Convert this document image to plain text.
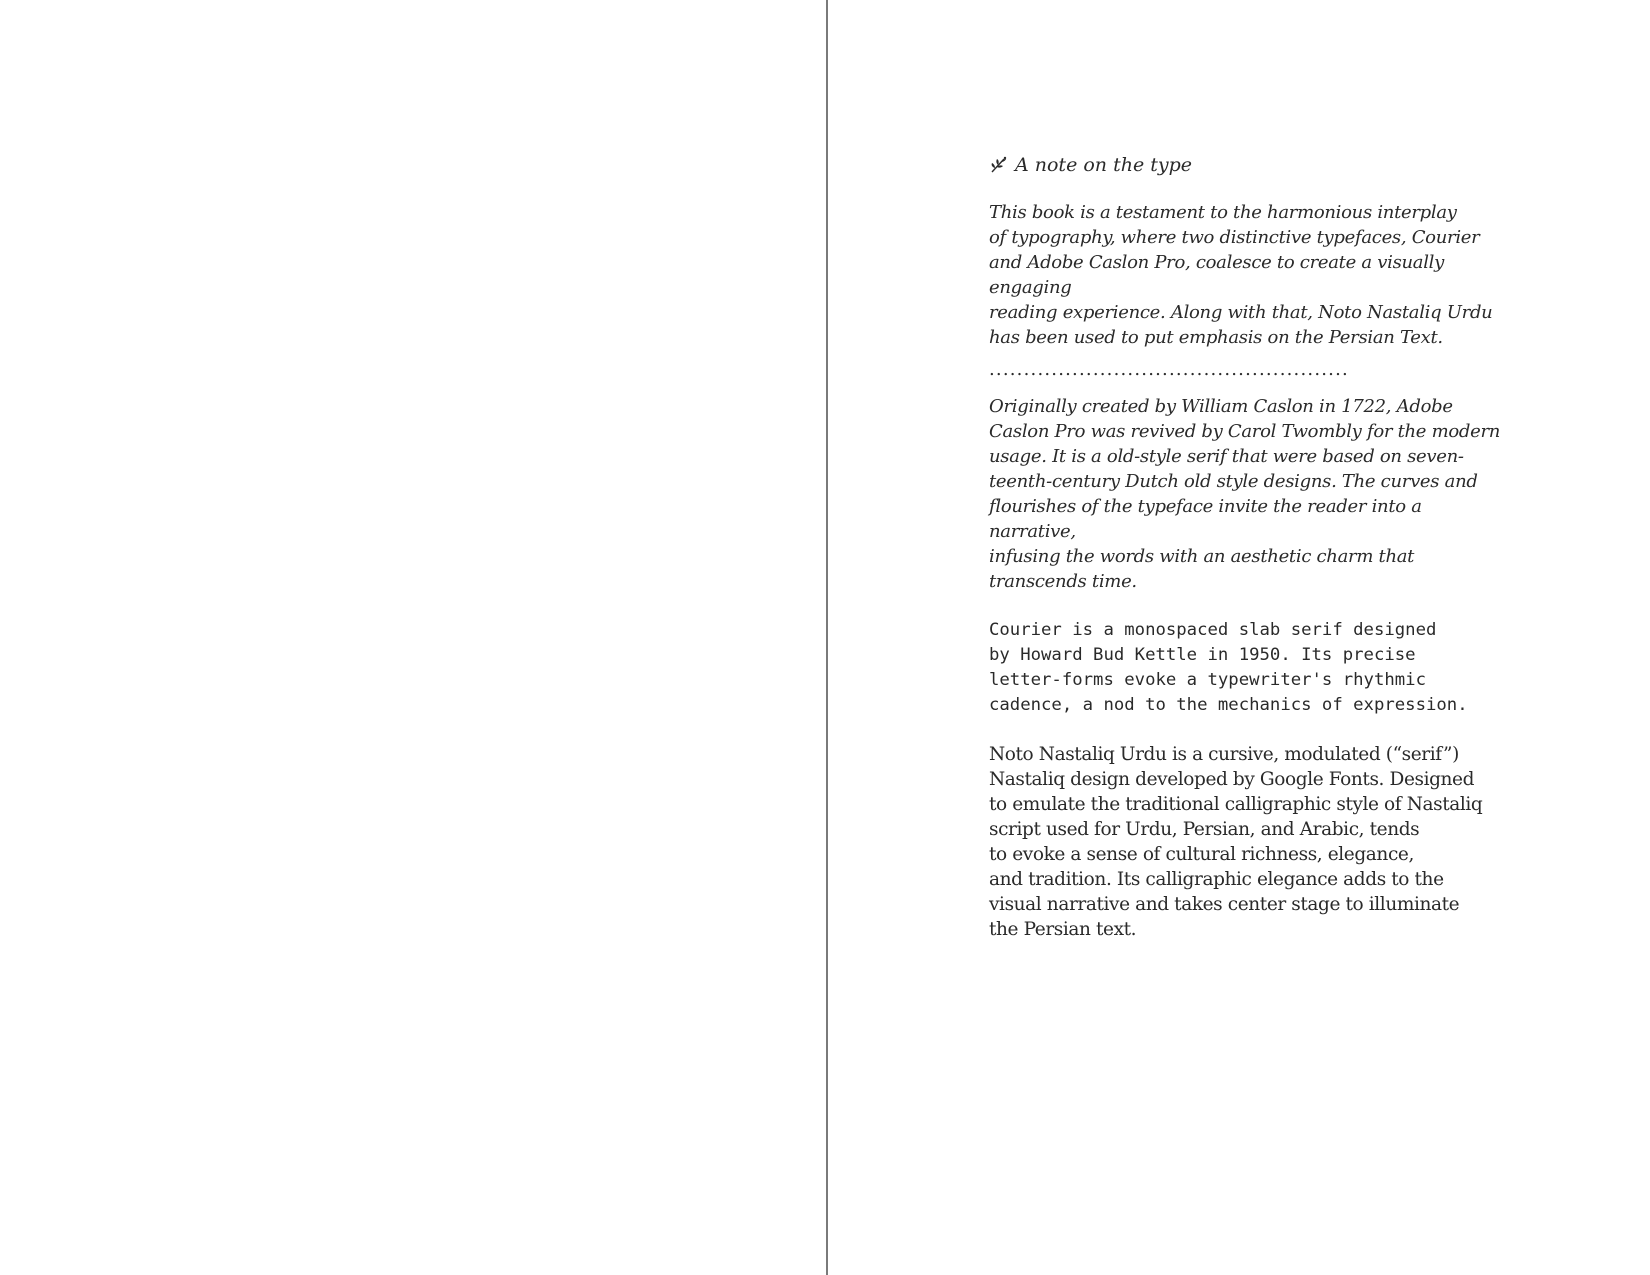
A note on the type

This book is a testament to the harmonious interplay
of typography, where two distinctive typefaces, Courier
and Adobe Caslon Pro, coalesce to create a visually engaging
reading experience. Along with that, Noto Nastaliq Urdu
has been used to put emphasis on the Persian Text.

....................................................

Originally created by William Caslon in 1722, Adobe
Caslon Pro was revived by Carol Twombly for the modern
usage. It is a old-style serif that were based on seven-
teenth-century Dutch old style designs. The curves and
flourishes of the typeface invite the reader into a narrative,
infusing the words with an aesthetic charm that
transcends time.

Courier is a monospaced slab serif designed
by Howard Bud Kettle in 1950. Its precise
letter-forms evoke a typewriter's rhythmic
cadence, a nod to the mechanics of expression.

Noto Nastaliq Urdu is a cursive, modulated (“serif”)
Nastaliq design developed by Google Fonts. Designed
to emulate the traditional calligraphic style of Nastaliq
script used for Urdu, Persian, and Arabic, tends
to evoke a sense of cultural richness, elegance,
and tradition. Its calligraphic elegance adds to the
visual narrative and takes center stage to illuminate
the Persian text.
